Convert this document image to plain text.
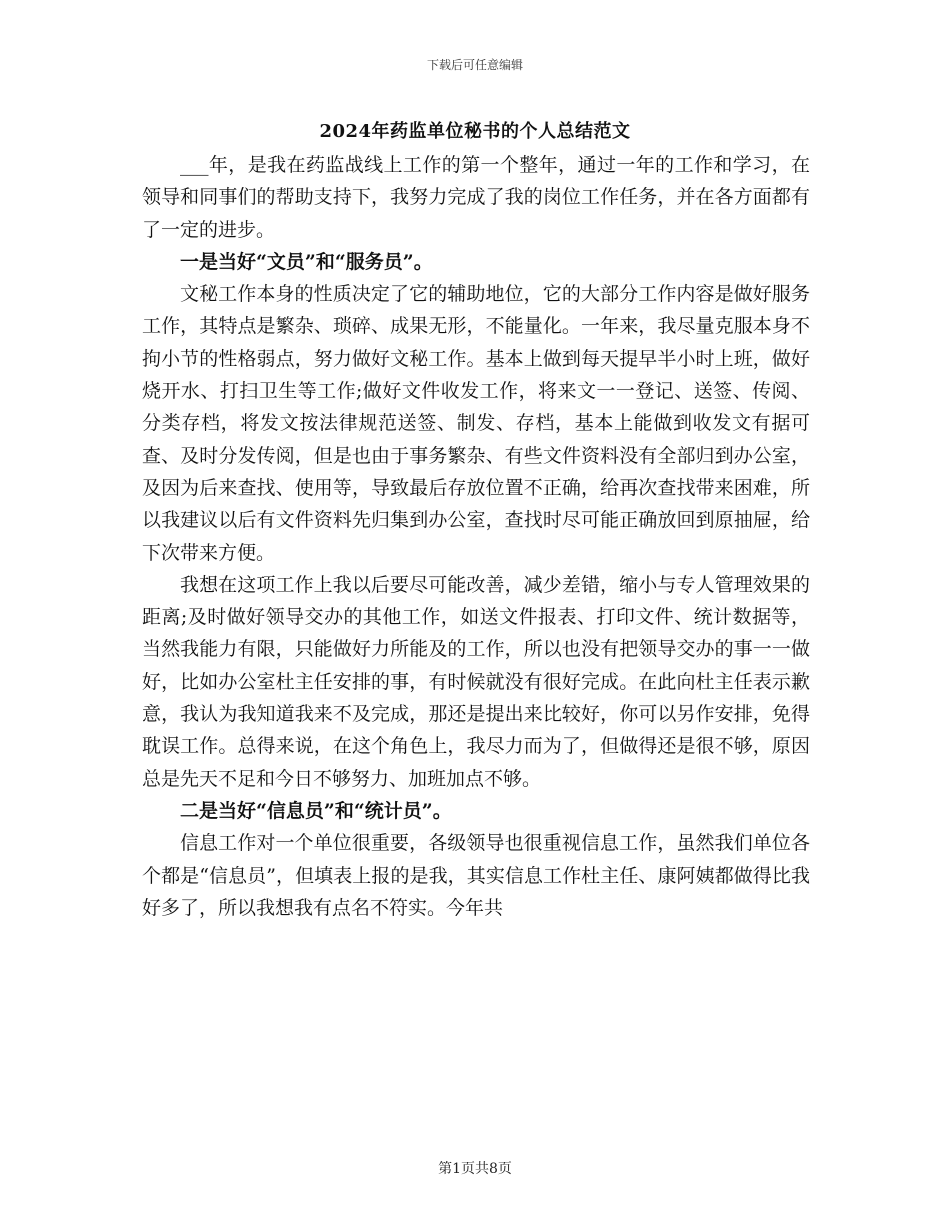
下载后可任意编辑

2024年药监单位秘书的个人总结范文

___年，是我在药监战线上工作的第一个整年，通过一年的工作和学习，在领导和同事们的帮助支持下，我努力完成了我的岗位工作任务，并在各方面都有了一定的进步。

一是当好“文员”和“服务员”。

文秘工作本身的性质决定了它的辅助地位，它的大部分工作内容是做好服务工作，其特点是繁杂、琐碎、成果无形，不能量化。一年来，我尽量克服本身不拘小节的性格弱点，努力做好文秘工作。基本上做到每天提早半小时上班，做好烧开水、打扫卫生等工作;做好文件收发工作，将来文一一登记、送签、传阅、分类存档，将发文按法律规范送签、制发、存档，基本上能做到收发文有据可查、及时分发传阅，但是也由于事务繁杂、有些文件资料没有全部归到办公室，及因为后来查找、使用等，导致最后存放位置不正确，给再次查找带来困难，所以我建议以后有文件资料先归集到办公室，查找时尽可能正确放回到原抽屉，给下次带来方便。

我想在这项工作上我以后要尽可能改善，减少差错，缩小与专人管理效果的距离;及时做好领导交办的其他工作，如送文件报表、打印文件、统计数据等，当然我能力有限，只能做好力所能及的工作，所以也没有把领导交办的事一一做好，比如办公室杜主任安排的事，有时候就没有很好完成。在此向杜主任表示歉意，我认为我知道我来不及完成，那还是提出来比较好，你可以另作安排，免得耽误工作。总得来说，在这个角色上，我尽力而为了，但做得还是很不够，原因总是先天不足和今日不够努力、加班加点不够。

二是当好“信息员”和“统计员”。

信息工作对一个单位很重要，各级领导也很重视信息工作，虽然我们单位各个都是“信息员”，但填表上报的是我，其实信息工作杜主任、康阿姨都做得比我好多了，所以我想我有点名不符实。今年共

第1页共8页
